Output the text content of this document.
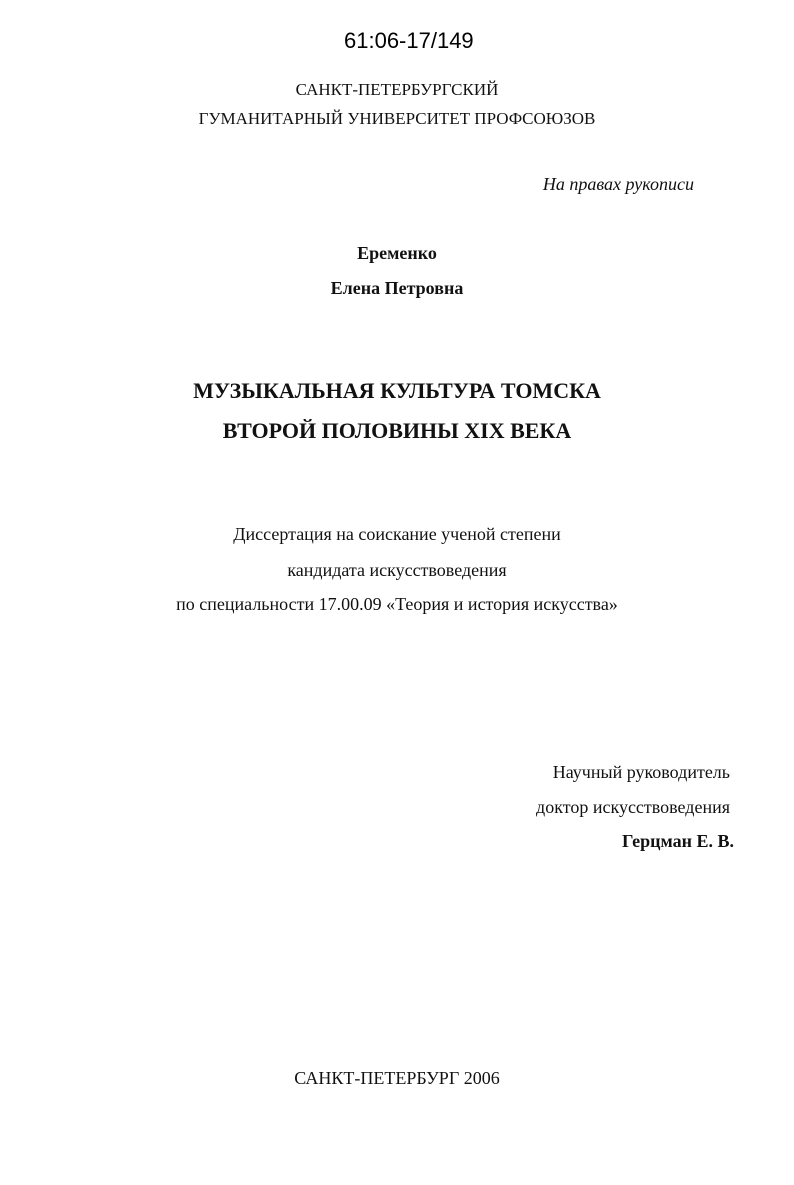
61:06-17/149
САНКТ-ПЕТЕРБУРГСКИЙ
ГУМАНИТАРНЫЙ УНИВЕРСИТЕТ ПРОФСОЮЗОВ
На правах рукописи
Еременко
Елена Петровна
МУЗЫКАЛЬНАЯ КУЛЬТУРА ТОМСКА
ВТОРОЙ ПОЛОВИНЫ XIX ВЕКА
Диссертация на соискание ученой степени
кандидата искусствоведения
по специальности 17.00.09 «Теория и история искусства»
Научный руководитель
доктор искусствоведения
Герцман Е. В.
САНКТ-ПЕТЕРБУРГ 2006
